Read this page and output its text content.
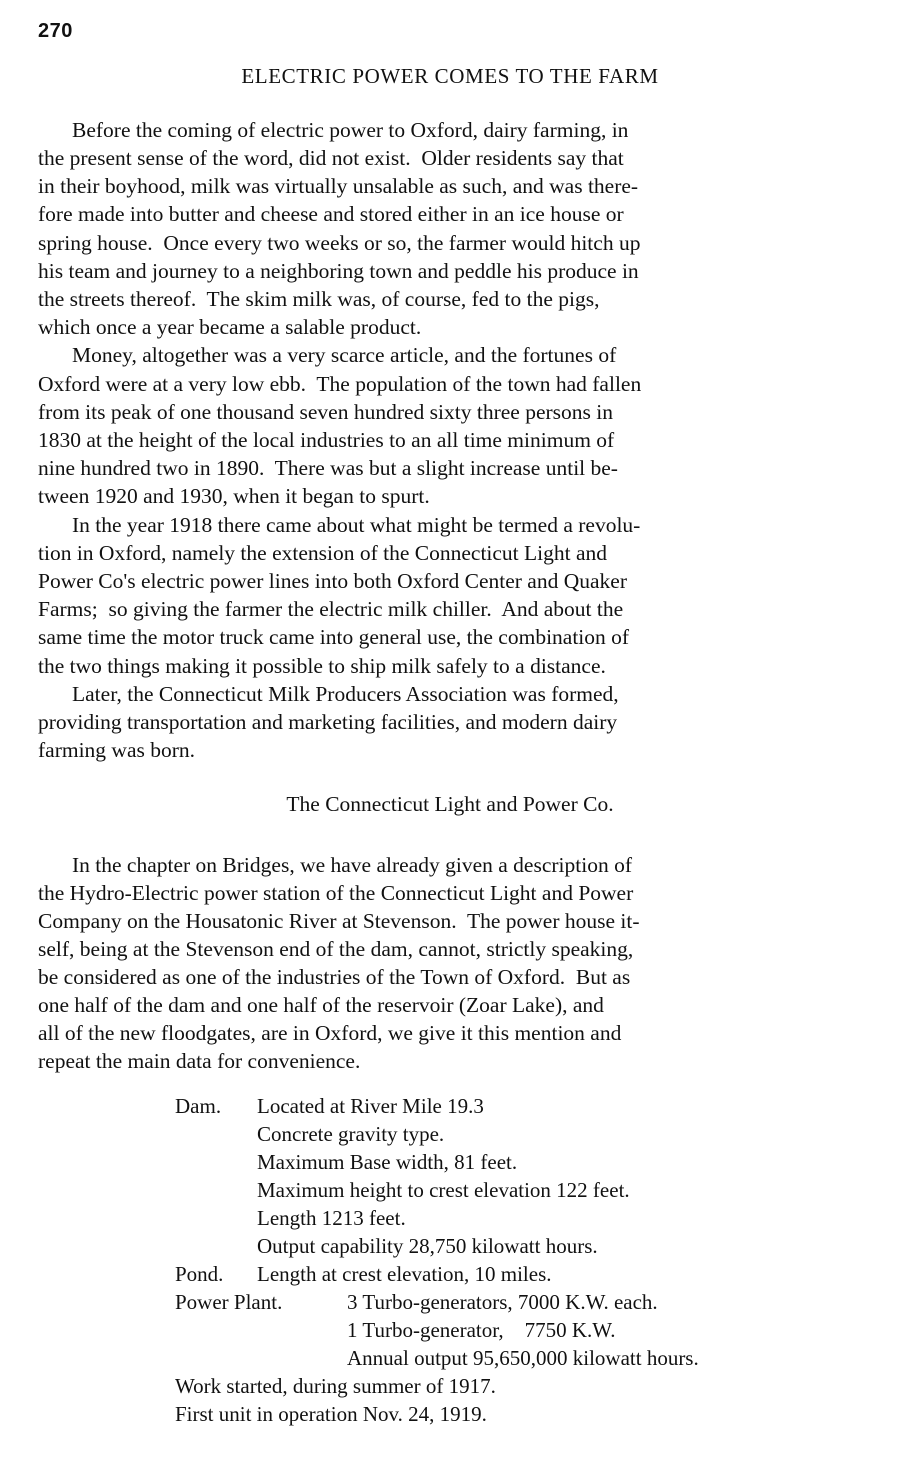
270
ELECTRIC POWER COMES TO THE FARM
Before the coming of electric power to Oxford, dairy farming, in
the present sense of the word, did not exist.  Older residents say that
in their boyhood, milk was virtually unsalable as such, and was there-
fore made into butter and cheese and stored either in an ice house or
spring house.  Once every two weeks or so, the farmer would hitch up
his team and journey to a neighboring town and peddle his produce in
the streets thereof.  The skim milk was, of course, fed to the pigs,
which once a year became a salable product.
Money, altogether was a very scarce article, and the fortunes of
Oxford were at a very low ebb.  The population of the town had fallen
from its peak of one thousand seven hundred sixty three persons in
1830 at the height of the local industries to an all time minimum of
nine hundred two in 1890.  There was but a slight increase until be-
tween 1920 and 1930, when it began to spurt.
In the year 1918 there came about what might be termed a revolu-
tion in Oxford, namely the extension of the Connecticut Light and
Power Co's electric power lines into both Oxford Center and Quaker
Farms;  so giving the farmer the electric milk chiller.  And about the
same time the motor truck came into general use, the combination of
the two things making it possible to ship milk safely to a distance.
Later, the Connecticut Milk Producers Association was formed,
providing transportation and marketing facilities, and modern dairy
farming was born.
The Connecticut Light and Power Co.
In the chapter on Bridges, we have already given a description of
the Hydro-Electric power station of the Connecticut Light and Power
Company on the Housatonic River at Stevenson.  The power house it-
self, being at the Stevenson end of the dam, cannot, strictly speaking,
be considered as one of the industries of the Town of Oxford.  But as
one half of the dam and one half of the reservoir (Zoar Lake), and
all of the new floodgates, are in Oxford, we give it this mention and
repeat the main data for convenience.
Dam. Located at River Mile 19.3
Concrete gravity type.
Maximum Base width, 81 feet.
Maximum height to crest elevation 122 feet.
Length 1213 feet.
Output capability 28,750 kilowatt hours.
Pond. Length at crest elevation, 10 miles.
Power Plant.	3 Turbo-generators, 7000 K.W. each.
1 Turbo-generator,    7750 K.W.
Annual output 95,650,000 kilowatt hours.
Work started, during summer of 1917.
First unit in operation Nov. 24, 1919.
